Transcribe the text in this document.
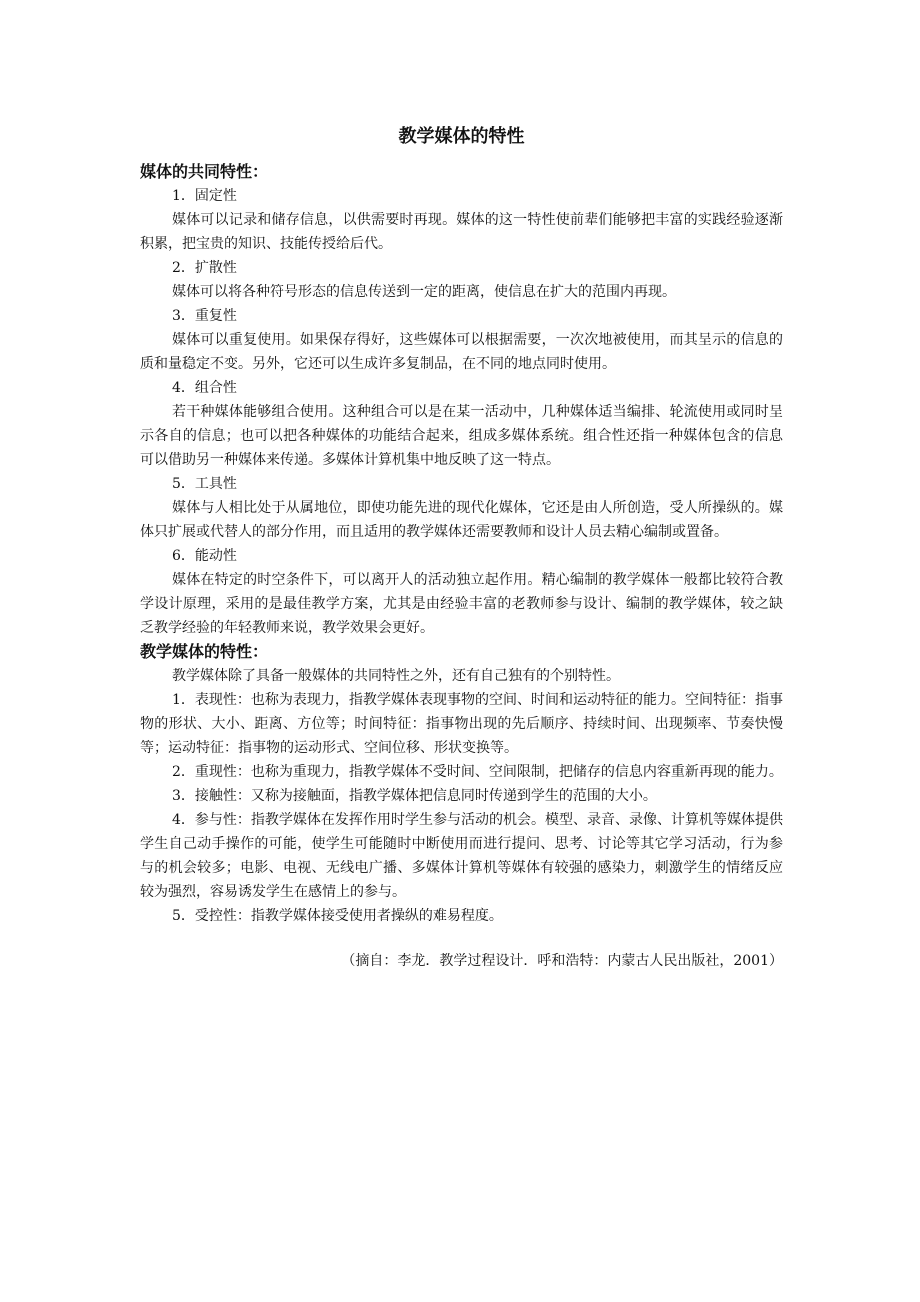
教学媒体的特性
媒体的共同特性：

1．固定性

媒体可以记录和储存信息，以供需要时再现。媒体的这一特性使前辈们能够把丰富的实践经验逐渐积累，把宝贵的知识、技能传授给后代。

2．扩散性

媒体可以将各种符号形态的信息传送到一定的距离，使信息在扩大的范围内再现。

3．重复性

媒体可以重复使用。如果保存得好，这些媒体可以根据需要，一次次地被使用，而其呈示的信息的质和量稳定不变。另外，它还可以生成许多复制品，在不同的地点同时使用。

4．组合性

若干种媒体能够组合使用。这种组合可以是在某一活动中，几种媒体适当编排、轮流使用或同时呈示各自的信息；也可以把各种媒体的功能结合起来，组成多媒体系统。组合性还指一种媒体包含的信息可以借助另一种媒体来传递。多媒体计算机集中地反映了这一特点。

5．工具性

媒体与人相比处于从属地位，即使功能先进的现代化媒体，它还是由人所创造，受人所操纵的。媒体只扩展或代替人的部分作用，而且适用的教学媒体还需要教师和设计人员去精心编制或置备。

6．能动性

媒体在特定的时空条件下，可以离开人的活动独立起作用。精心编制的教学媒体一般都比较符合教学设计原理，采用的是最佳教学方案，尤其是由经验丰富的老教师参与设计、编制的教学媒体，较之缺乏教学经验的年轻教师来说，教学效果会更好。

教学媒体的特性：

教学媒体除了具备一般媒体的共同特性之外，还有自己独有的个别特性。

1．表现性：也称为表现力，指教学媒体表现事物的空间、时间和运动特征的能力。空间特征：指事物的形状、大小、距离、方位等；时间特征：指事物出现的先后顺序、持续时间、出现频率、节奏快慢等；运动特征：指事物的运动形式、空间位移、形状变换等。

2．重现性：也称为重现力，指教学媒体不受时间、空间限制，把储存的信息内容重新再现的能力。

3．接触性：又称为接触面，指教学媒体把信息同时传递到学生的范围的大小。

4．参与性：指教学媒体在发挥作用时学生参与活动的机会。模型、录音、录像、计算机等媒体提供学生自己动手操作的可能，使学生可能随时中断使用而进行提问、思考、讨论等其它学习活动，行为参与的机会较多；电影、电视、无线电广播、多媒体计算机等媒体有较强的感染力，刺激学生的情绪反应较为强烈，容易诱发学生在感情上的参与。

5．受控性：指教学媒体接受使用者操纵的难易程度。

（摘自：李龙．教学过程设计．呼和浩特：内蒙古人民出版社，2001）
